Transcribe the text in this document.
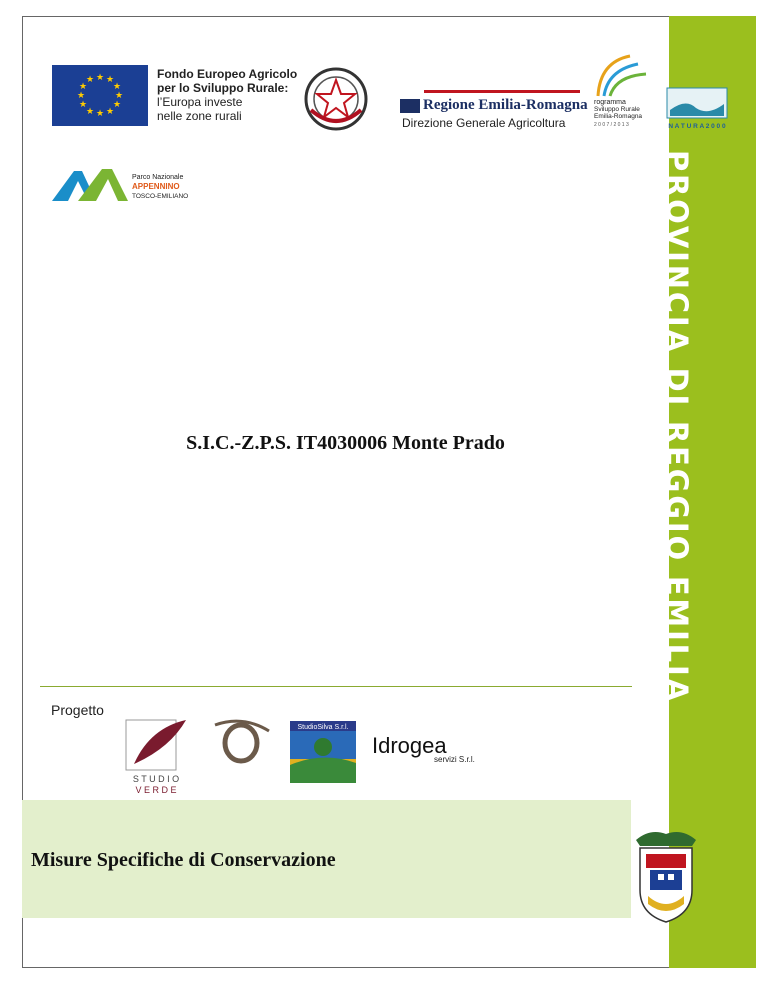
PROVINCIA DI REGGIO EMILIA
★ ★
★
★
★
★
★
★
★
★
★
★	Fondo Europeo Agricolo
per lo Sviluppo Rurale:
l’Europa investe
nelle zone rurali
Regione Emilia-Romagna
Direzione Generale Agricoltura
rogramma
Sviluppo Rurale
Emilia-Romagna
2 0 0 7 / 2 0 1 3	N A T U R A 2 0 0 0
Parco Nazionale
APPENNINO
TOSCO-EMILIANO
S.I.C.-Z.P.S. IT4030006 Monte Prado
Progetto
S T U D I O
V E R D E
StudioSilva S.r.l.
Idrogea
servizi S.r.l.
Misure Specifiche di Conservazione
